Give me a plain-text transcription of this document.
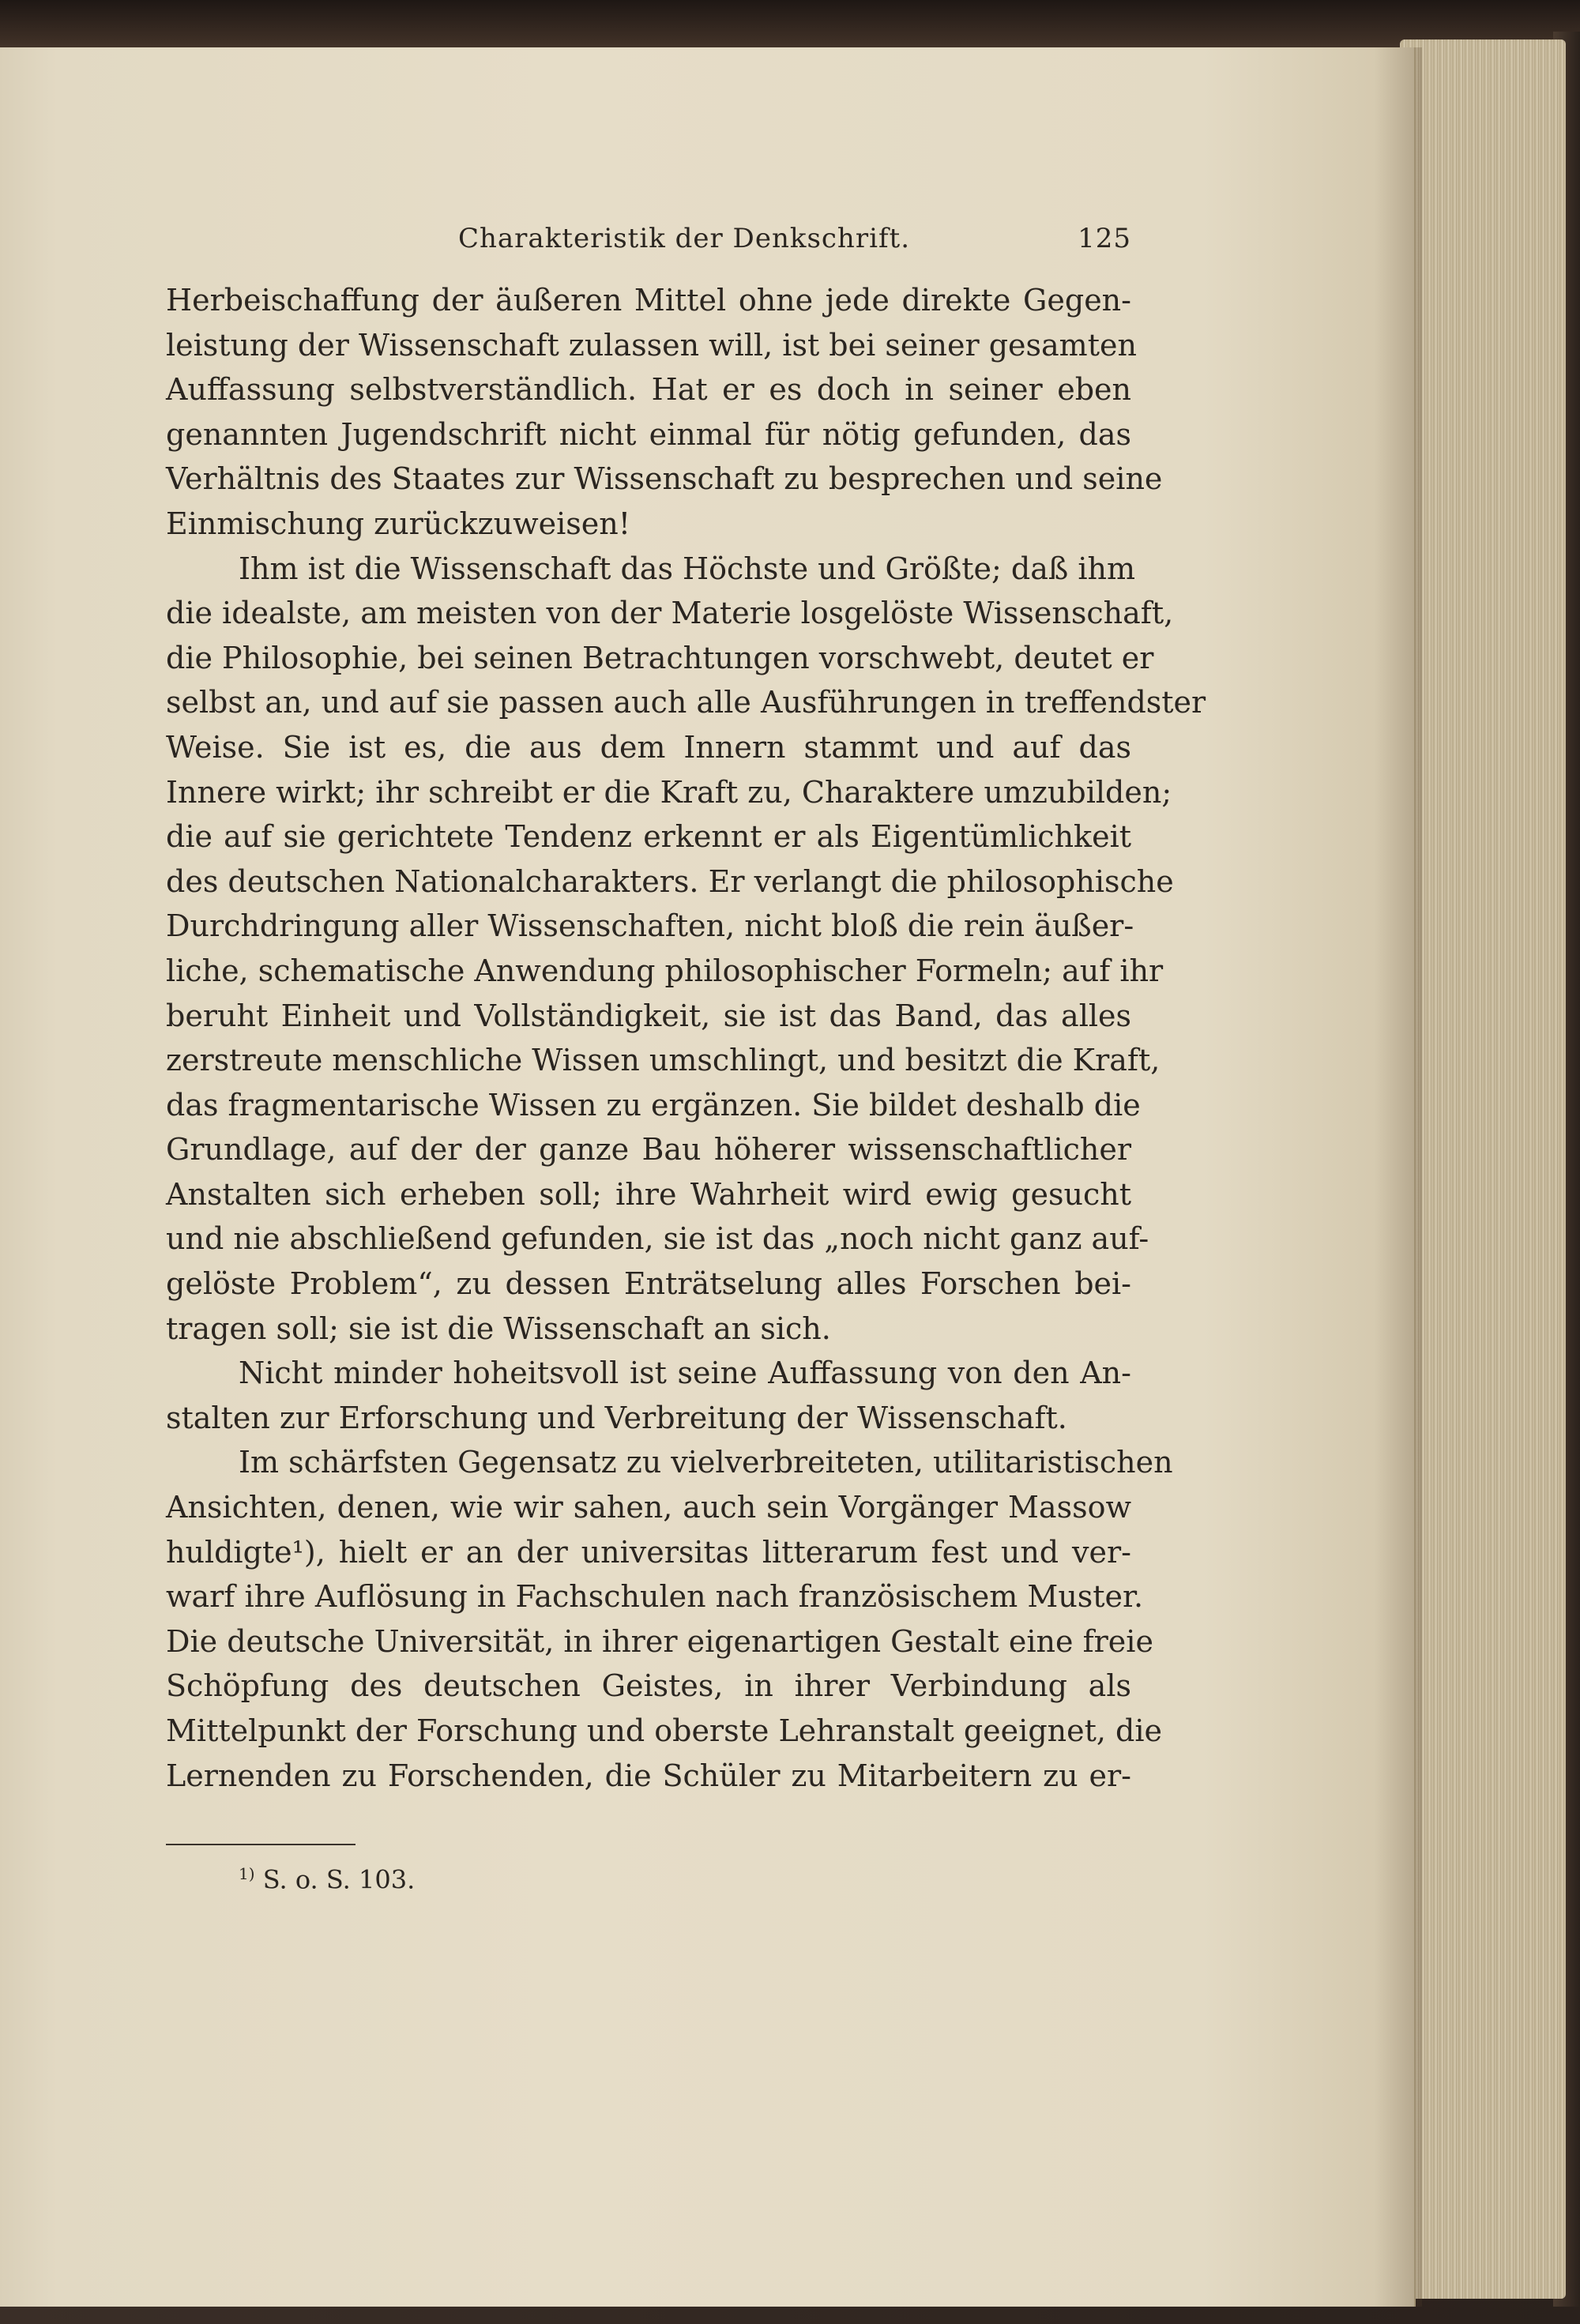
Charakteristik der Denkschrift.	125
Herbeischaffung der äußeren Mittel ohne jede direkte Gegen-
leistung der Wissenschaft zulassen will, ist bei seiner gesamten
Auffassung selbstverständlich. Hat er es doch in seiner eben
genannten Jugendschrift nicht einmal für nötig gefunden, das
Verhältnis des Staates zur Wissenschaft zu besprechen und seine
Einmischung zurückzuweisen!
Ihm ist die Wissenschaft das Höchste und Größte; daß ihm
die idealste, am meisten von der Materie losgelöste Wissenschaft,
die Philosophie, bei seinen Betrachtungen vorschwebt, deutet er
selbst an, und auf sie passen auch alle Ausführungen in treffendster
Weise. Sie ist es, die aus dem Innern stammt und auf das
Innere wirkt; ihr schreibt er die Kraft zu, Charaktere umzubilden;
die auf sie gerichtete Tendenz erkennt er als Eigentümlichkeit
des deutschen Nationalcharakters. Er verlangt die philosophische
Durchdringung aller Wissenschaften, nicht bloß die rein äußer-
liche, schematische Anwendung philosophischer Formeln; auf ihr
beruht Einheit und Vollständigkeit, sie ist das Band, das alles
zerstreute menschliche Wissen umschlingt, und besitzt die Kraft,
das fragmentarische Wissen zu ergänzen. Sie bildet deshalb die
Grundlage, auf der der ganze Bau höherer wissenschaftlicher
Anstalten sich erheben soll; ihre Wahrheit wird ewig gesucht
und nie abschließend gefunden, sie ist das „noch nicht ganz auf-
gelöste Problem“, zu dessen Enträtselung alles Forschen bei-
tragen soll; sie ist die Wissenschaft an sich.
Nicht minder hoheitsvoll ist seine Auffassung von den An-
stalten zur Erforschung und Verbreitung der Wissenschaft.
Im schärfsten Gegensatz zu vielverbreiteten, utilitaristischen
Ansichten, denen, wie wir sahen, auch sein Vorgänger Massow
huldigte¹), hielt er an der universitas litterarum fest und ver-
warf ihre Auflösung in Fachschulen nach französischem Muster.
Die deutsche Universität, in ihrer eigenartigen Gestalt eine freie
Schöpfung des deutschen Geistes, in ihrer Verbindung als
Mittelpunkt der Forschung und oberste Lehranstalt geeignet, die
Lernenden zu Forschenden, die Schüler zu Mitarbeitern zu er-
$^{1)}$ S. o. S. 103.
